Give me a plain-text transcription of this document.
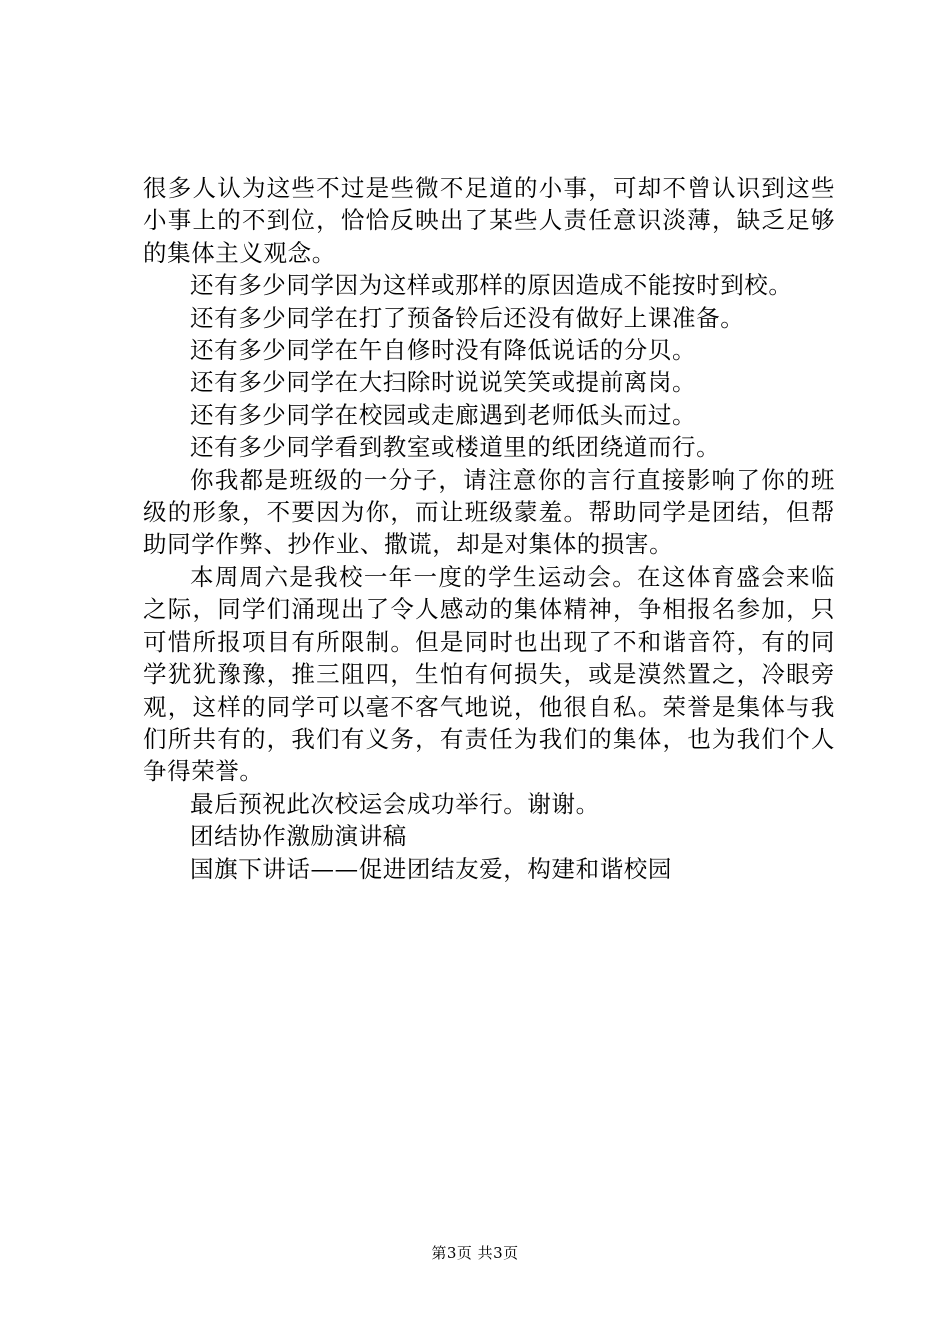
很多人认为这些不过是些微不足道的小事，可却不曾认识到这些小事上的不到位，恰恰反映出了某些人责任意识淡薄，缺乏足够的集体主义观念。

还有多少同学因为这样或那样的原因造成不能按时到校。

还有多少同学在打了预备铃后还没有做好上课准备。

还有多少同学在午自修时没有降低说话的分贝。

还有多少同学在大扫除时说说笑笑或提前离岗。

还有多少同学在校园或走廊遇到老师低头而过。

还有多少同学看到教室或楼道里的纸团绕道而行。

你我都是班级的一分子，请注意你的言行直接影响了你的班级的形象，不要因为你，而让班级蒙羞。帮助同学是团结，但帮助同学作弊、抄作业、撒谎，却是对集体的损害。

本周周六是我校一年一度的学生运动会。在这体育盛会来临之际，同学们涌现出了令人感动的集体精神，争相报名参加，只可惜所报项目有所限制。但是同时也出现了不和谐音符，有的同学犹犹豫豫，推三阻四，生怕有何损失，或是漠然置之，冷眼旁观，这样的同学可以毫不客气地说，他很自私。荣誉是集体与我们所共有的，我们有义务，有责任为我们的集体，也为我们个人争得荣誉。

最后预祝此次校运会成功举行。谢谢。

团结协作激励演讲稿

国旗下讲话——促进团结友爱，构建和谐校园

第3页 共3页
